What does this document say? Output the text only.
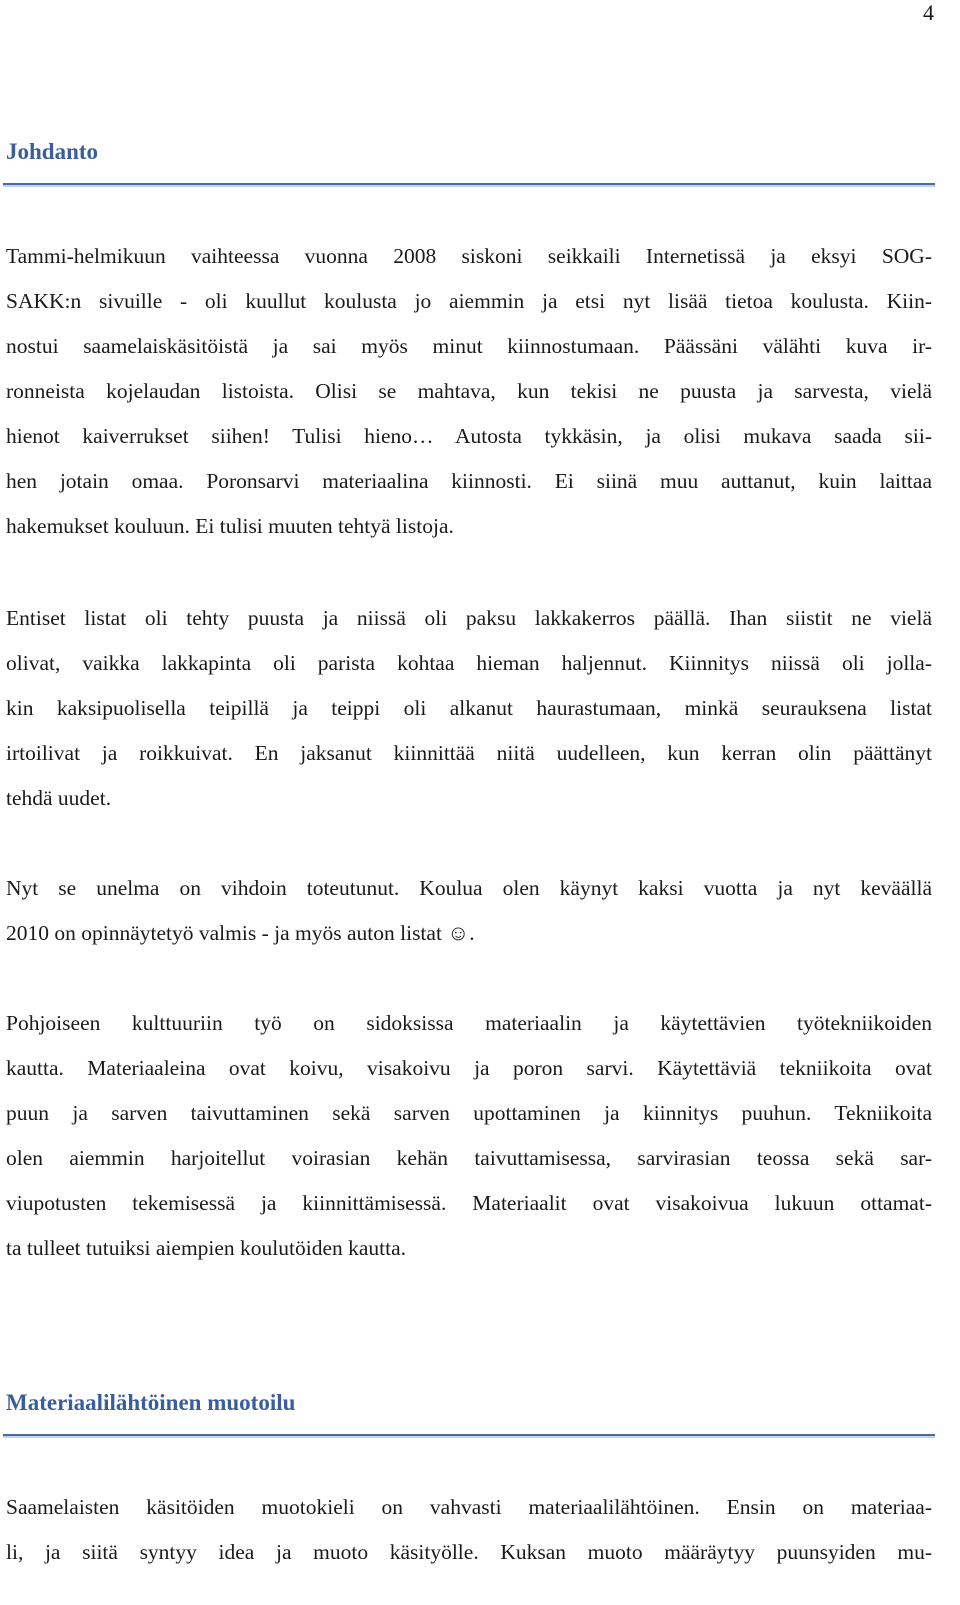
4
Johdanto
Tammi-helmikuun vaihteessa vuonna 2008 siskoni seikkaili Internetissä ja eksyi SOG-
SAKK:n sivuille - oli kuullut koulusta jo aiemmin ja etsi nyt lisää tietoa koulusta. Kiin-
nostui saamelaiskäsitöistä ja sai myös minut kiinnostumaan. Päässäni välähti kuva ir-
ronneista kojelaudan listoista. Olisi se mahtava, kun tekisi ne puusta ja sarvesta, vielä
hienot kaiverrukset siihen! Tulisi hieno… Autosta tykkäsin, ja olisi mukava saada sii-
hen jotain omaa. Poronsarvi materiaalina kiinnosti. Ei siinä muu auttanut, kuin laittaa
hakemukset kouluun. Ei tulisi muuten tehtyä listoja.
Entiset listat oli tehty puusta ja niissä oli paksu lakkakerros päällä. Ihan siistit ne vielä
olivat, vaikka lakkapinta oli parista kohtaa hieman haljennut. Kiinnitys niissä oli jolla-
kin kaksipuolisella teipillä ja teippi oli alkanut haurastumaan, minkä seurauksena listat
irtoilivat ja roikkuivat. En jaksanut kiinnittää niitä uudelleen, kun kerran olin päättänyt
tehdä uudet.
Nyt se unelma on vihdoin toteutunut. Koulua olen käynyt kaksi vuotta ja nyt keväällä
2010 on opinnäytetyö valmis - ja myös auton listat ☺.
Pohjoiseen kulttuuriin työ on sidoksissa materiaalin ja käytettävien työtekniikoiden
kautta. Materiaaleina ovat koivu, visakoivu ja poron sarvi. Käytettäviä tekniikoita ovat
puun ja sarven taivuttaminen sekä sarven upottaminen ja kiinnitys puuhun. Tekniikoita
olen aiemmin harjoitellut voirasian kehän taivuttamisessa, sarvirasian teossa sekä sar-
viupotusten tekemisessä ja kiinnittämisessä. Materiaalit ovat visakoivua lukuun ottamat-
ta tulleet tutuiksi aiempien koulutöiden kautta.
Materiaalilähtöinen muotoilu
Saamelaisten käsitöiden muotokieli on vahvasti materiaalilähtöinen. Ensin on materiaa-
li, ja siitä syntyy idea ja muoto käsityölle. Kuksan muoto määräytyy puunsyiden mu-
